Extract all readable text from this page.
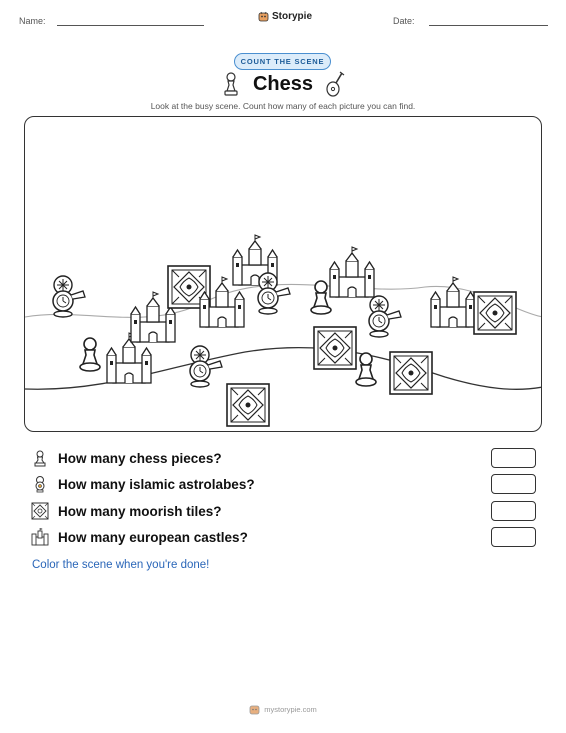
Name:	Storypie	Date:
COUNT THE SCENE
Chess
Look at the busy scene. Count how many of each picture you can find.
How many chess pieces?
How many islamic astrolabes?
How many moorish tiles?
How many european castles?
Color the scene when you're done!
mystorypie.com
